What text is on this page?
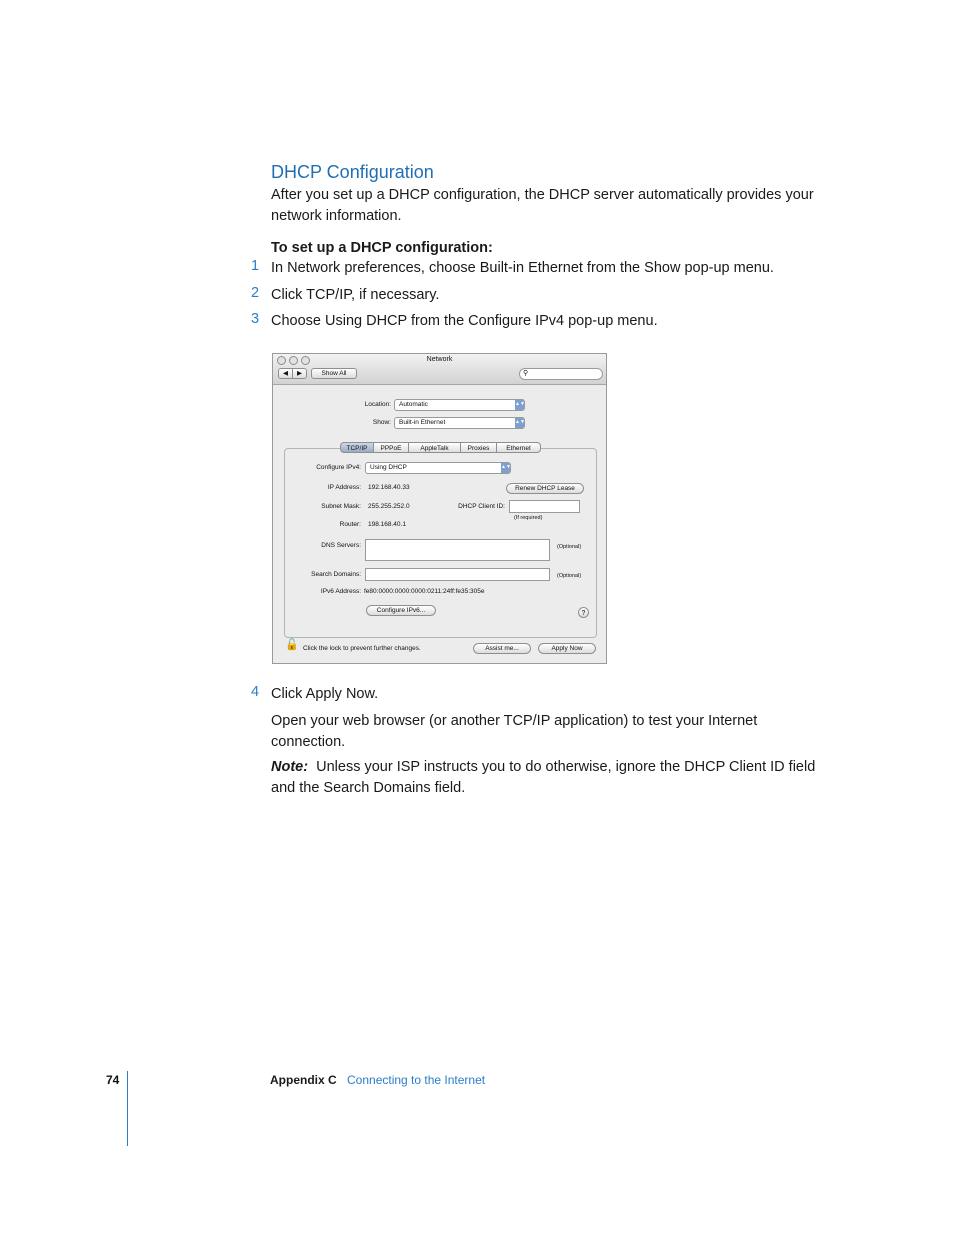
DHCP Configuration
After you set up a DHCP configuration, the DHCP server automatically provides your network information.
To set up a DHCP configuration:
1 In Network preferences, choose Built-in Ethernet from the Show pop-up menu.
2 Click TCP/IP, if necessary.
3 Choose Using DHCP from the Configure IPv4 pop-up menu.
Network
◀	▶	Show All	⚲
Location:	Automatic	▲▼
Show:	Built-in Ethernet	▲▼
TCP/IP	PPPoE	AppleTalk	Proxies	Ethernet
Configure IPv4:	Using DHCP	▲▼
IP Address: 192.168.40.33	Renew DHCP Lease
Subnet Mask: 255.255.252.0	DHCP Client ID:
(If required)
Router: 198.168.40.1
DNS Servers:	(Optional)
Search Domains:	(Optional)
IPv6 Address: fe80:0000:0000:0000:0211:24ff:fe35:305e
Configure IPv6...	?
🔓 Click the lock to prevent further changes.	Assist me...	Apply Now
4 Click Apply Now.
Open your web browser (or another TCP/IP application) to test your Internet connection.
Note: Unless your ISP instructs you to do otherwise, ignore the DHCP Client ID field and the Search Domains field.
74	Appendix C Connecting to the Internet
